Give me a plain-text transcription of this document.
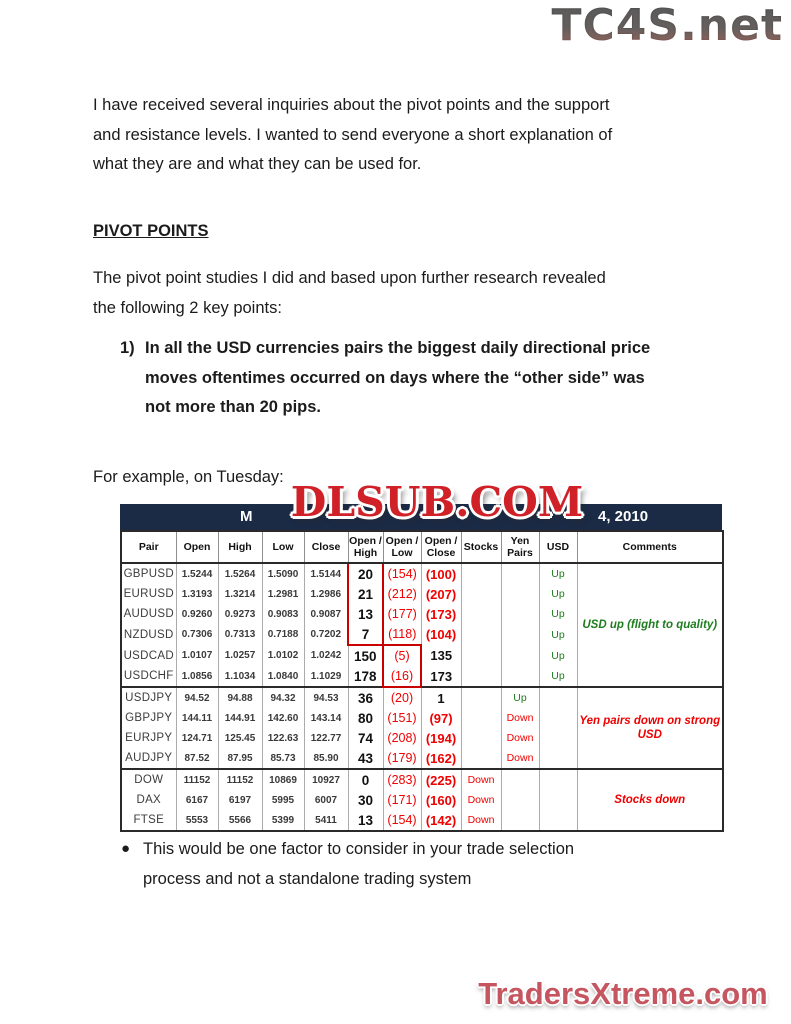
TC4S.net
I have received several inquiries about the pivot points and the support
and resistance levels. I wanted to send everyone a short explanation of
what they are and what they can be used for.
PIVOT POINTS
The pivot point studies I did and based upon further research revealed
the following 2 key points:
1) In all the USD currencies pairs the biggest daily directional price
moves oftentimes occurred on days where the “other side” was
not more than 20 pips.
For example, on Tuesday:
DLSUB.COM
M	4, 2010
Pair	Open	High	Low	Close	Open / High	Open / Low	Open / Close	Stocks	Yen Pairs	USD	Comments
GBPUSD	1.5244	1.5264	1.5090	1.5144	20	(154)	(100)			Up	USD up (flight to quality)
EURUSD	1.3193	1.3214	1.2981	1.2986	21	(212)	(207)			Up	
AUDUSD	0.9260	0.9273	0.9083	0.9087	13	(177)	(173)			Up	
NZDUSD	0.7306	0.7313	0.7188	0.7202	7	(118)	(104)			Up	
USDCAD	1.0107	1.0257	1.0102	1.0242	150	(5)	135			Up	
USDCHF	1.0856	1.1034	1.0840	1.1029	178	(16)	173			Up	
USDJPY	94.52	94.88	94.32	94.53	36	(20)	1		Up		Yen pairs down on strong USD
GBPJPY	144.11	144.91	142.60	143.14	80	(151)	(97)		Down		
EURJPY	124.71	125.45	122.63	122.77	74	(208)	(194)		Down		
AUDJPY	87.52	87.95	85.73	85.90	43	(179)	(162)		Down		
DOW	11152	11152	10869	10927	0	(283)	(225)	Down			Stocks down
DAX	6167	6197	5995	6007	30	(171)	(160)	Down			
FTSE	5553	5566	5399	5411	13	(154)	(142)	Down			
● This would be one factor to consider in your trade selection
process and not a standalone trading system
TradersXtreme.com
